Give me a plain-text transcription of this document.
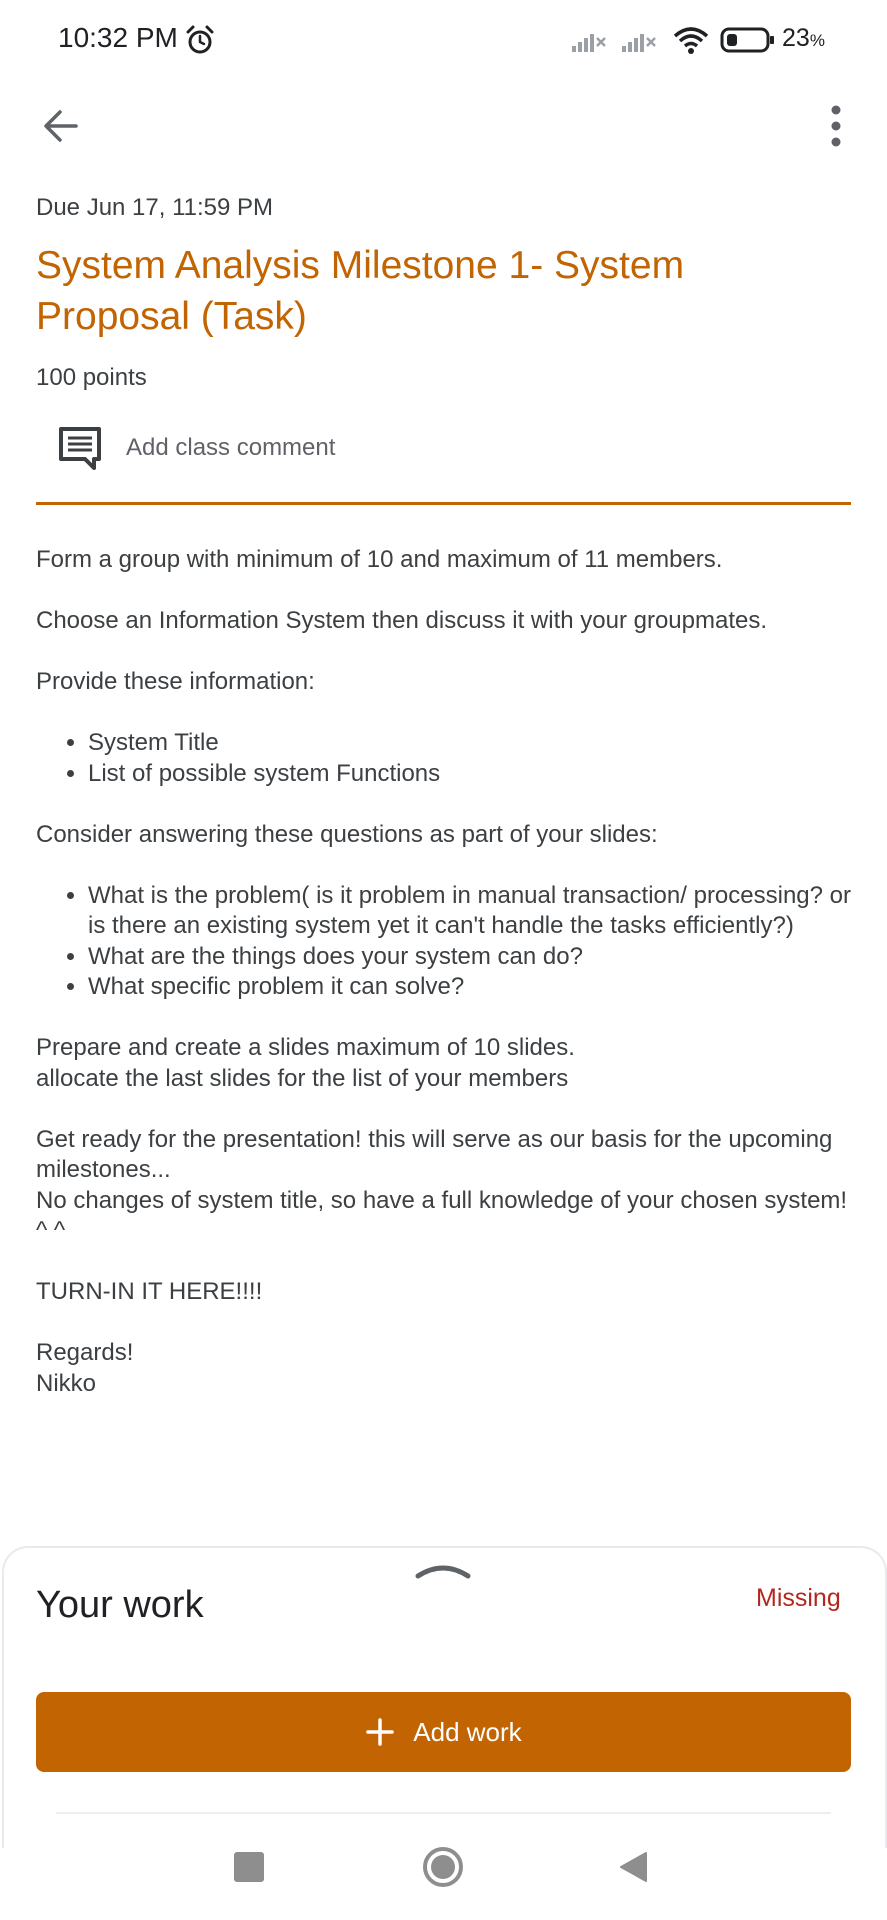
10:32 PM	23%
Due Jun 17, 11:59 PM
System Analysis Milestone 1- System Proposal (Task)
100 points
Add class comment

Form a group with minimum of 10 and maximum of 11 members.

Choose an Information System then discuss it with your groupmates.

Provide these information:

• System Title
• List of possible system Functions

Consider answering these questions as part of your slides:

• What is the problem( is it problem in manual transaction/ processing? or is there an existing system yet it can't handle the tasks efficiently?)
• What are the things does your system can do?
• What specific problem it can solve?

Prepare and create a slides maximum of 10 slides.
allocate the last slides for the list of your members

Get ready for the presentation! this will serve as our basis for the upcoming milestones...
No changes of system title, so have a full knowledge of your chosen system! ^ ^

TURN-IN IT HERE!!!!

Regards!
Nikko

Your work	Missing
Add work
